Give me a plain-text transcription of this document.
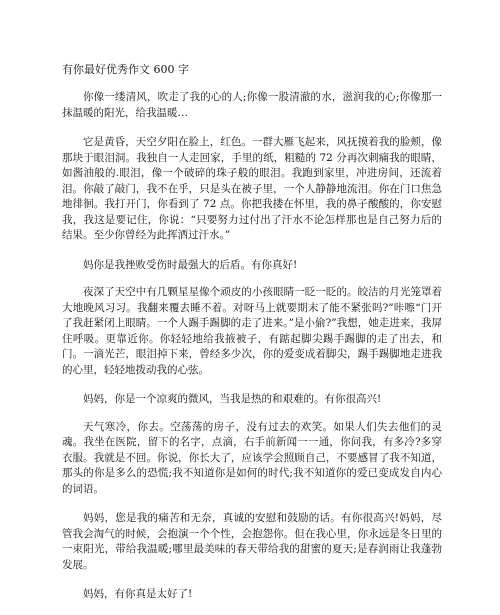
有你最好优秀作文 600 字

你像一缕清风，吹走了我的心的人;你像一股清澈的水，滋润我的心;你像那一抹温暖的阳光，给我温暖…

它是黄昏，天空夕阳在脸上，红色。一群大雁飞起来，风抚摸着我的脸颊，像那块于眼泪洞。我独自一人走回家，手里的纸，粗糙的 72 分再次刺痛我的眼睛，如酱油般的.眼泪，像一个破碎的珠子般的眼泪。我跑到家里，冲进房间，还流着泪。你敲了敲门，我不在乎，只是头在被子里，一个人静静地流泪。你在门口焦急地徘徊。我打开门，你看到了 72 点。你把我搂在怀里，我的鼻子酸酸的，你安慰我，我这是要记住，你说：“只要努力过付出了汗水不论怎样那也是自己努力后的结果。至少你曾经为此挥洒过汗水。”

妈你是我挫败受伤时最强大的后盾。有你真好!

夜深了天空中有几颗星星像个顽皮的小孩眼睛一眨一眨的。皎洁的月光笼罩着大地晚风习习。我翻来覆去睡不着。对呀马上就要期末了能不紧张吗?”咔嚓“门开了我赶紧闭上眼睛。一个人踢手踢脚的走了进来。”是小偷?”我想，她走进来，我屏住呼吸。更靠近你。你轻轻地给我掖被子，有踮起脚尖踢手踢脚的走了出去，和门。一滴光芒，眼泪掉下来，曾经多少次，你的爱变成着脚尖，踢手踢脚地走进我的心里，轻轻地拨动我的心弦。

妈妈，你是一个凉爽的微风，当我是热的和艰难的。有你很高兴!

天气寒冷，你去。空荡荡的房子，没有过去的欢笑。如果人们失去他们的灵魂。我坐在医院，留下的名字，点滴，右手前新闻一一通，你问我，有多冷?多穿衣服。我就是不回。你说，你长大了，应该学会照顾自己，不要感冒了我不知道，那头的你是多么的恐慌;我不知道你是如何的时代;我不知道你的爱已变成发自内心的词语。

妈妈，您是我的痛苦和无奈，真诚的安慰和鼓励的话。有你很高兴!妈妈，尽管我会淘气的时候，会抱演一个个性，会抱怨你。但在我心里，你永远是冬日里的一束阳光，带给我温暖;哪里最美味的春天带给我的甜蜜的夏天;是春润雨让我蓬勃发展。

妈妈，有你真是太好了!
